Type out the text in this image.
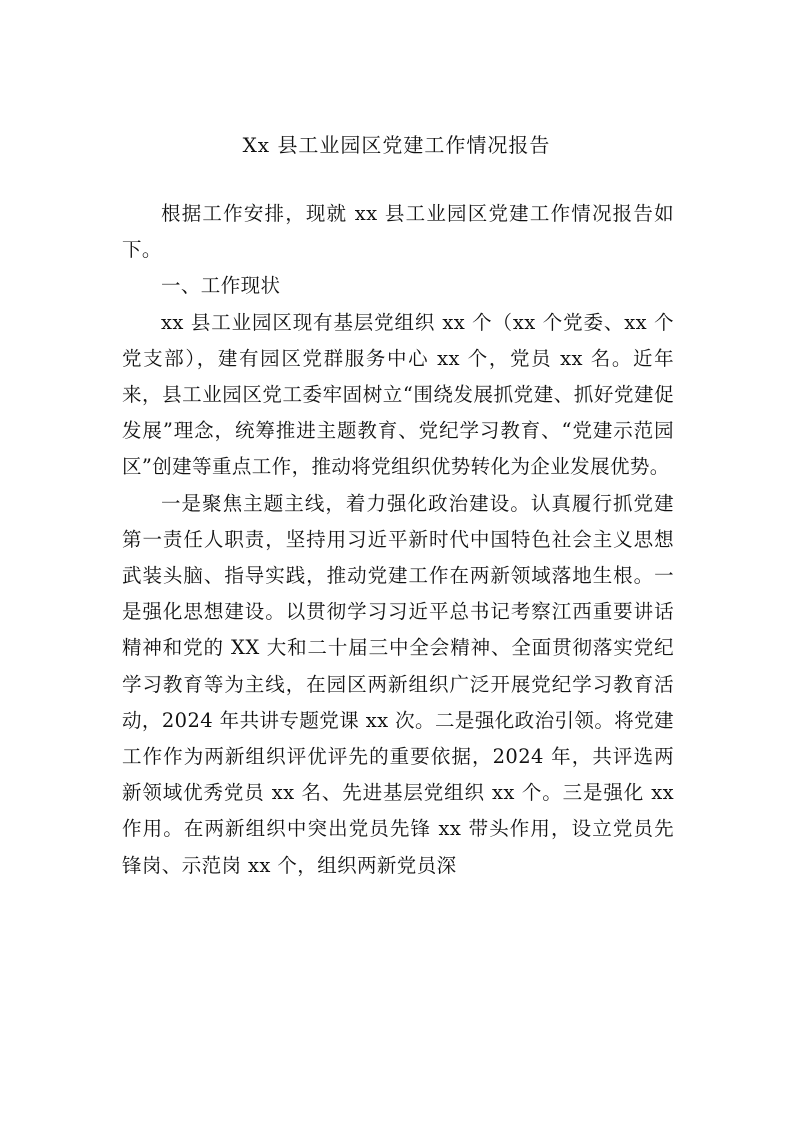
Xx 县工业园区党建工作情况报告

根据工作安排，现就 xx 县工业园区党建工作情况报告如下。

一、工作现状

xx 县工业园区现有基层党组织 xx 个（xx 个党委、xx 个党支部），建有园区党群服务中心 xx 个，党员 xx 名。近年来，县工业园区党工委牢固树立“围绕发展抓党建、抓好党建促发展”理念，统筹推进主题教育、党纪学习教育、“党建示范园区”创建等重点工作，推动将党组织优势转化为企业发展优势。

一是聚焦主题主线，着力强化政治建设。认真履行抓党建第一责任人职责，坚持用习近平新时代中国特色社会主义思想武装头脑、指导实践，推动党建工作在两新领域落地生根。一是强化思想建设。以贯彻学习习近平总书记考察江西重要讲话精神和党的 XX 大和二十届三中全会精神、全面贯彻落实党纪学习教育等为主线，在园区两新组织广泛开展党纪学习教育活动，2024 年共讲专题党课 xx 次。二是强化政治引领。将党建工作作为两新组织评优评先的重要依据，2024 年，共评选两新领域优秀党员 xx 名、先进基层党组织 xx 个。三是强化 xx 作用。在两新组织中突出党员先锋 xx 带头作用，设立党员先锋岗、示范岗 xx 个，组织两新党员深
